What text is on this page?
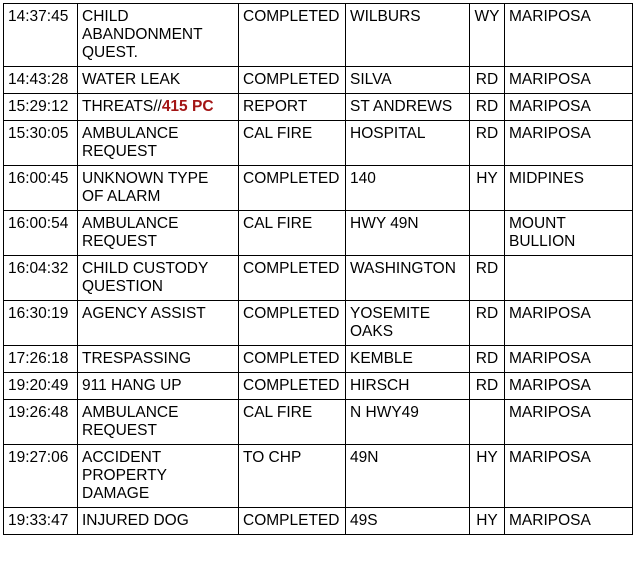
14:37:45	CHILD
ABANDONMENT
QUEST.	COMPLETED	WILBURS	WY	MARIPOSA
14:43:28	WATER LEAK	COMPLETED	SILVA	RD	MARIPOSA
15:29:12	THREATS//415 PC	REPORT	ST ANDREWS	RD	MARIPOSA
15:30:05	AMBULANCE
REQUEST	CAL FIRE	HOSPITAL	RD	MARIPOSA
16:00:45	UNKNOWN TYPE
OF ALARM	COMPLETED	140	HY	MIDPINES
16:00:54	AMBULANCE
REQUEST	CAL FIRE	HWY 49N		MOUNT
BULLION
16:04:32	CHILD CUSTODY
QUESTION	COMPLETED	WASHINGTON	RD	
16:30:19	AGENCY ASSIST	COMPLETED	YOSEMITE
OAKS	RD	MARIPOSA
17:26:18	TRESPASSING	COMPLETED	KEMBLE	RD	MARIPOSA
19:20:49	911 HANG UP	COMPLETED	HIRSCH	RD	MARIPOSA
19:26:48	AMBULANCE
REQUEST	CAL FIRE	N HWY49		MARIPOSA
19:27:06	ACCIDENT
PROPERTY
DAMAGE	TO CHP	49N	HY	MARIPOSA
19:33:47	INJURED DOG	COMPLETED	49S	HY	MARIPOSA
